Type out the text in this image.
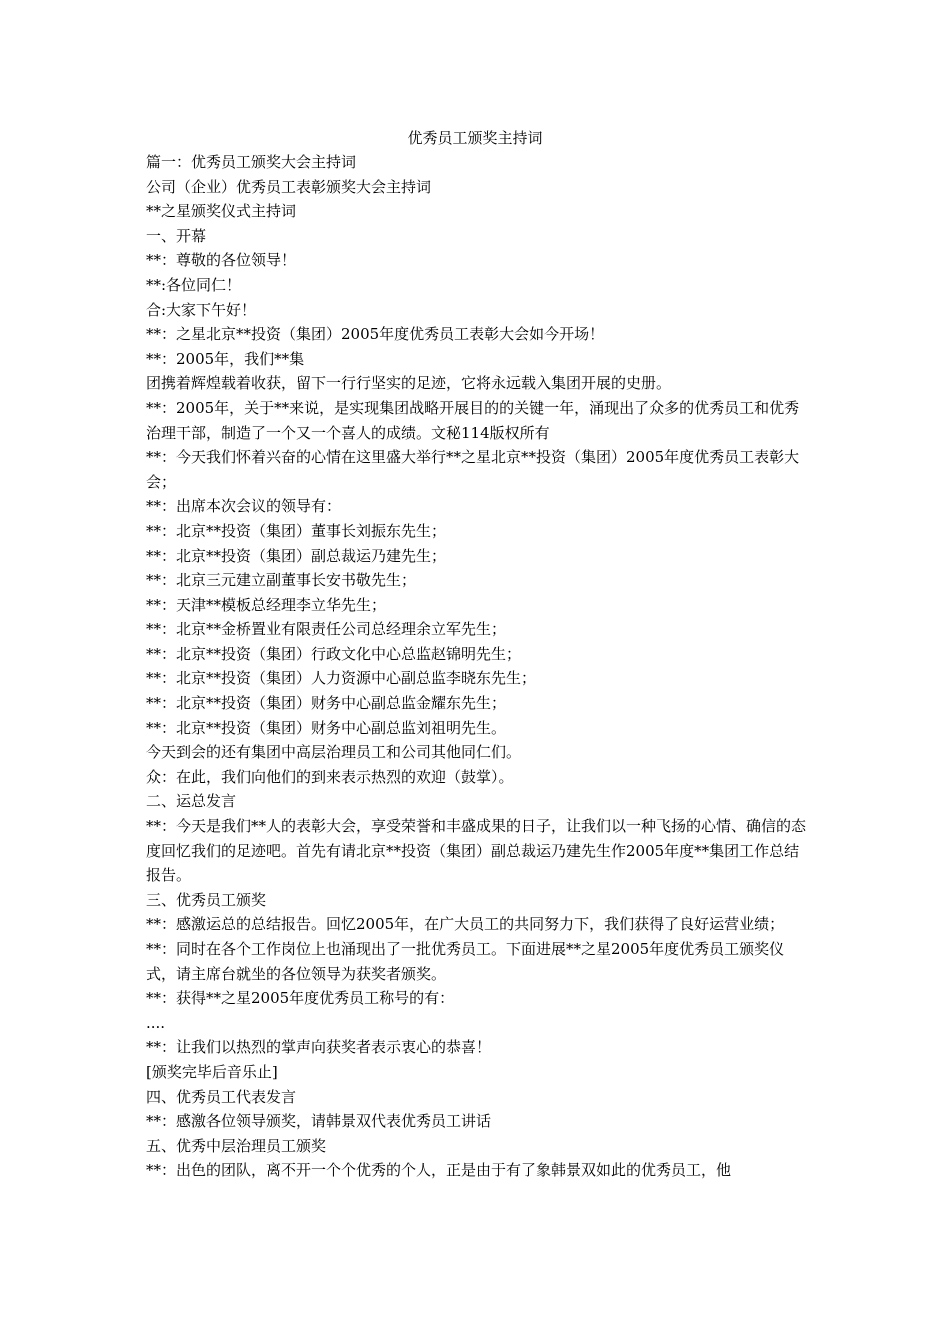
优秀员工颁奖主持词

篇一：优秀员工颁奖大会主持词

公司（企业）优秀员工表彰颁奖大会主持词

**之星颁奖仪式主持词

一、开幕

**：尊敬的各位领导！

**:各位同仁！

合:大家下午好！

**：之星北京**投资（集团）2005年度优秀员工表彰大会如今开场！

**：2005年，我们**集

团携着辉煌载着收获，留下一行行坚实的足迹，它将永远载入集团开展的史册。

**：2005年，关于**来说，是实现集团战略开展目的的关键一年，涌现出了众多的优秀员工和优秀治理干部，制造了一个又一个喜人的成绩。文秘114版权所有

**：今天我们怀着兴奋的心情在这里盛大举行**之星北京**投资（集团）2005年度优秀员工表彰大会；

**：出席本次会议的领导有：

**：北京**投资（集团）董事长刘振东先生；

**：北京**投资（集团）副总裁运乃建先生；

**：北京三元建立副董事长安书敬先生；

**：天津**模板总经理李立华先生；

**：北京**金桥置业有限责任公司总经理余立军先生；

**：北京**投资（集团）行政文化中心总监赵锦明先生；

**：北京**投资（集团）人力资源中心副总监李晓东先生；

**：北京**投资（集团）财务中心副总监金耀东先生；

**：北京**投资（集团）财务中心副总监刘祖明先生。

今天到会的还有集团中高层治理员工和公司其他同仁们。

众：在此，我们向他们的到来表示热烈的欢迎（鼓掌）。

二、运总发言

**：今天是我们**人的表彰大会，享受荣誉和丰盛成果的日子，让我们以一种飞扬的心情、确信的态度回忆我们的足迹吧。首先有请北京**投资（集团）副总裁运乃建先生作2005年度**集团工作总结报告。

三、优秀员工颁奖

**：感激运总的总结报告。回忆2005年，在广大员工的共同努力下，我们获得了良好运营业绩；

**：同时在各个工作岗位上也涌现出了一批优秀员工。下面进展**之星2005年度优秀员工颁奖仪式，请主席台就坐的各位领导为获奖者颁奖。

**：获得**之星2005年度优秀员工称号的有：

....

**：让我们以热烈的掌声向获奖者表示衷心的恭喜！

[颁奖完毕后音乐止]

四、优秀员工代表发言

**：感激各位领导颁奖，请韩景双代表优秀员工讲话

五、优秀中层治理员工颁奖

**：出色的团队，离不开一个个优秀的个人，正是由于有了象韩景双如此的优秀员工，他
